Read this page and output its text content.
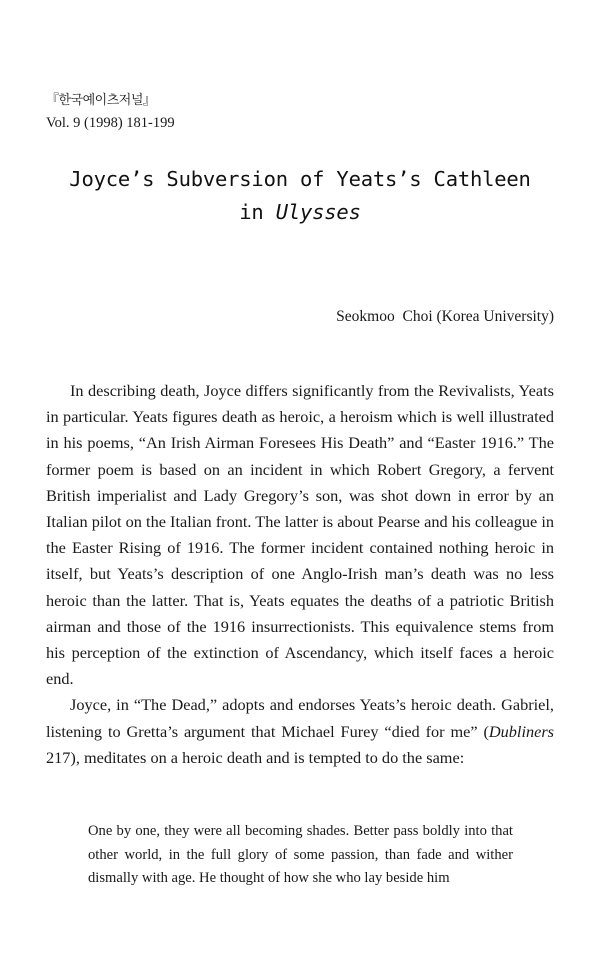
『한국예이츠저널』
Vol. 9 (1998) 181-199
Joyce’s Subversion of Yeats’s Cathleen
in Ulysses
Seokmoo  Choi (Korea University)

In describing death, Joyce differs significantly from the Revivalists, Yeats in particular. Yeats figures death as heroic, a heroism which is well illustrated in his poems, “An Irish Airman Foresees His Death” and “Easter 1916.” The former poem is based on an incident in which Robert Gregory, a fervent British imperialist and Lady Gregory’s son, was shot down in error by an Italian pilot on the Italian front. The latter is about Pearse and his colleague in the Easter Rising of 1916. The former incident contained nothing heroic in itself, but Yeats’s description of one Anglo-Irish man’s death was no less heroic than the latter. That is, Yeats equates the deaths of a patriotic British airman and those of the 1916 insurrectionists. This equivalence stems from his perception of the extinction of Ascendancy, which itself faces a heroic end.

Joyce, in “The Dead,” adopts and endorses Yeats’s heroic death. Gabriel, listening to Gretta’s argument that Michael Furey “died for me” (Dubliners 217), meditates on a heroic death and is tempted to do the same:

One by one, they were all becoming shades. Better pass boldly into that other world, in the full glory of some passion, than fade and wither dismally with age. He thought of how she who lay beside him
